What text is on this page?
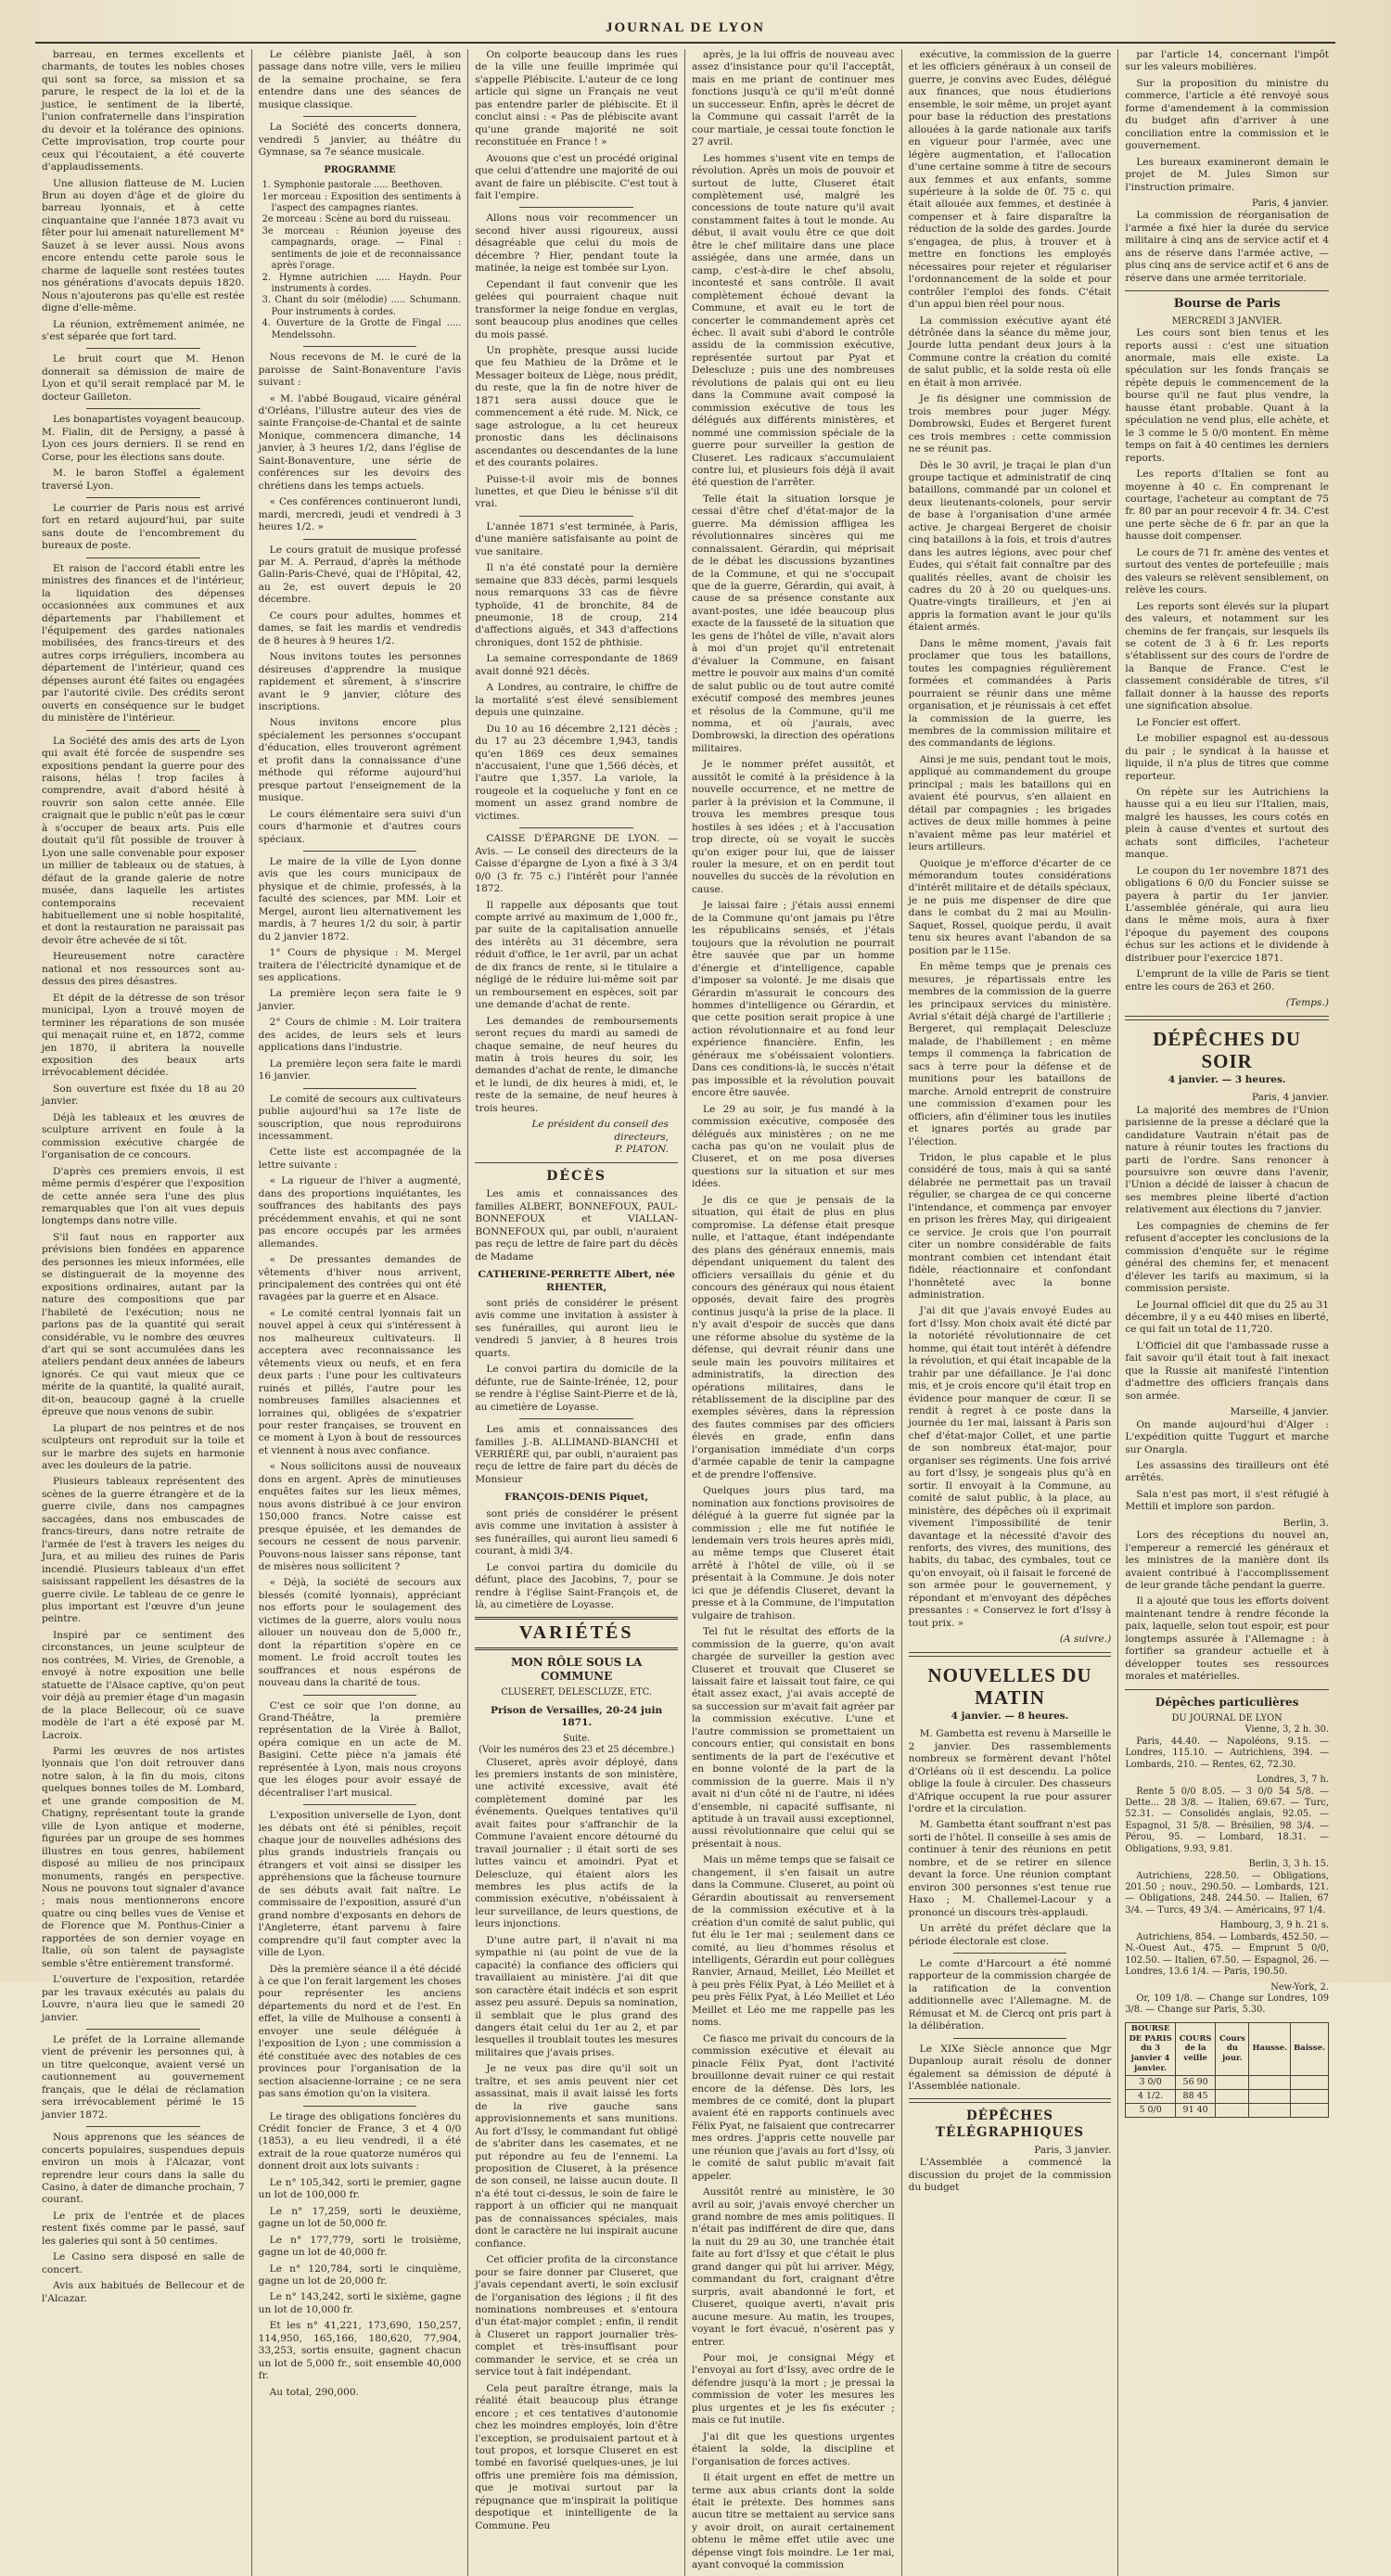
JOURNAL DE LYON

barreau, en termes excellents et charmants, de toutes les nobles choses qui sont sa force, sa mission et sa parure, le respect de la loi et de la justice, le sentiment de la liberté, l'union confraternelle dans l'inspiration du devoir et la tolérance des opinions. Cette improvisation, trop courte pour ceux qui l'écoutaient, a été couverte d'applaudissements.

Une allusion flatteuse de M. Lucien Brun au doyen d'âge et de gloire du barreau lyonnais, et à cette cinquantaine que l'année 1873 avait vu fêter pour lui amenait naturellement M° Sauzet à se lever aussi. Nous avons encore entendu cette parole sous le charme de laquelle sont restées toutes nos générations d'avocats depuis 1820. Nous n'ajouterons pas qu'elle est restée digne d'elle-même.

La réunion, extrêmement animée, ne s'est séparée que fort tard.

Le bruit court que M. Henon donnerait sa démission de maire de Lyon et qu'il serait remplacé par M. le docteur Gailleton.

Les bonapartistes voyagent beaucoup. M. Fialin, dit de Persigny, a passé à Lyon ces jours derniers. Il se rend en Corse, pour les élections sans doute.

M. le baron Stoffel a également traversé Lyon.

Le courrier de Paris nous est arrivé fort en retard aujourd'hui, par suite sans doute de l'encombrement du bureaux de poste.

Et raison de l'accord établi entre les ministres des finances et de l'intérieur, la liquidation des dépenses occasionnées aux communes et aux départements par l'habillement et l'équipement des gardes nationales mobilisées, des francs-tireurs et des autres corps irréguliers, incombera au département de l'intérieur, quand ces dépenses auront été faites ou engagées par l'autorité civile. Des crédits seront ouverts en conséquence sur le budget du ministère de l'intérieur.

La Société des amis des arts de Lyon qui avait été forcée de suspendre ses expositions pendant la guerre pour des raisons, hélas ! trop faciles à comprendre, avait d'abord hésité à rouvrir son salon cette année. Elle craignait que le public n'eût pas le cœur à s'occuper de beaux arts. Puis elle doutait qu'il fût possible de trouver à Lyon une salle convenable pour exposer un millier de tableaux ou de statues, à défaut de la grande galerie de notre musée, dans laquelle les artistes contemporains recevaient habituellement une si noble hospitalité, et dont la restauration ne paraissait pas devoir être achevée de si tôt.

Heureusement notre caractère national et nos ressources sont au-dessus des pires désastres.

Et dépit de la détresse de son trésor municipal, Lyon a trouvé moyen de terminer les réparations de son musée qui menaçait ruine et, en 1872, comme jen 1870, il abritera la nouvelle exposition des beaux arts irrévocablement décidée.

Son ouverture est fixée du 18 au 20 janvier.

Déjà les tableaux et les œuvres de sculpture arrivent en foule à la commission exécutive chargée de l'organisation de ce concours.

D'après ces premiers envois, il est même permis d'espérer que l'exposition de cette année sera l'une des plus remarquables que l'on ait vues depuis longtemps dans notre ville.

S'il faut nous en rapporter aux prévisions bien fondées en apparence des personnes les mieux informées, elle se distinguerait de la moyenne des expositions ordinaires, autant par la nature des compositions que par l'habileté de l'exécution; nous ne parlons pas de la quantité qui serait considérable, vu le nombre des œuvres d'art qui se sont accumulées dans les ateliers pendant deux années de labeurs ignorés. Ce qui vaut mieux que ce mérite de la quantité, la qualité aurait, dit-on, beaucoup gagné à la cruelle épreuve que nous venons de subir.

La plupart de nos peintres et de nos sculpteurs ont reproduit sur la toile et sur le marbre des sujets en harmonie avec les douleurs de la patrie.

Plusieurs tableaux représentent des scènes de la guerre étrangère et de la guerre civile, dans nos campagnes saccagées, dans nos embuscades de francs-tireurs, dans notre retraite de l'armée de l'est à travers les neiges du Jura, et au milieu des ruines de Paris incendié. Plusieurs tableaux d'un effet saisissant rappellent les désastres de la guerre civile. Le tableau de ce genre le plus important est l'œuvre d'un jeune peintre.

Inspiré par ce sentiment des circonstances, un jeune sculpteur de nos contrées, M. Viries, de Grenoble, a envoyé à notre exposition une belle statuette de l'Alsace captive, qu'on peut voir déjà au premier étage d'un magasin de la place Bellecour, où ce suave modèle de l'art a été exposé par M. Lacroix.

Parmi les œuvres de nos artistes lyonnais que l'on doit retrouver dans notre salon, à la fin du mois, citons quelques bonnes toiles de M. Lombard, et une grande composition de M. Chatigny, représentant toute la grande ville de Lyon antique et moderne, figurées par un groupe de ses hommes illustres en tous genres, habilement disposé au milieu de nos principaux monuments, rangés en perspective. Nous ne pouvons tout signaler d'avance ; mais nous mentionnerons encore quatre ou cinq belles vues de Venise et de Florence que M. Ponthus-Cinier a rapportées de son dernier voyage en Italie, où son talent de paysagiste semble s'être entièrement transformé.

L'ouverture de l'exposition, retardée par les travaux exécutés au palais du Louvre, n'aura lieu que le samedi 20 janvier.

Le préfet de la Lorraine allemande vient de prévenir les personnes qui, à un titre quelconque, avaient versé un cautionnement au gouvernement français, que le délai de réclamation sera irrévocablement périmé le 15 janvier 1872.

Nous apprenons que les séances de concerts populaires, suspendues depuis environ un mois à l'Alcazar, vont reprendre leur cours dans la salle du Casino, à dater de dimanche prochain, 7 courant.

Le prix de l'entrée et de places restent fixés comme par le passé, sauf les galeries qui sont à 50 centimes.

Le Casino sera disposé en salle de concert.

Avis aux habitués de Bellecour et de l'Alcazar.

Le célèbre pianiste Jaël, à son passage dans notre ville, vers le milieu de la semaine prochaine, se fera entendre dans une des séances de musique classique.

La Société des concerts donnera, vendredi 5 janvier, au théâtre du Gymnase, sa 7e séance musicale.

PROGRAMME
1. Symphonie pastorale ..... Beethoven.
1er morceau : Exposition des sentiments à l'aspect des campagnes riantes.
2e morceau : Scène au bord du ruisseau.
3e morceau : Réunion joyeuse des campagnards, orage. — Final : sentiments de joie et de reconnaissance après l'orage.
2. Hymne autrichien ..... Haydn. Pour instruments à cordes.
3. Chant du soir (mélodie) ..... Schumann. Pour instruments à cordes.
4. Ouverture de la Grotte de Fingal ..... Mendelssohn.

Nous recevons de M. le curé de la paroisse de Saint-Bonaventure l'avis suivant :

« M. l'abbé Bougaud, vicaire général d'Orléans, l'illustre auteur des vies de sainte Françoise-de-Chantal et de sainte Monique, commencera dimanche, 14 janvier, à 3 heures 1/2, dans l'église de Saint-Bonaventure, une série de conférences sur les devoirs des chrétiens dans les temps actuels.

« Ces conférences continueront lundi, mardi, mercredi, jeudi et vendredi à 3 heures 1/2. »

Le cours gratuit de musique professé par M. A. Perraud, d'après la méthode Galin-Paris-Chevé, quai de l'Hôpital, 42, au 2e, est ouvert depuis le 20 décembre.

Ce cours pour adultes, hommes et dames, se fait les mardis et vendredis de 8 heures à 9 heures 1/2.

Nous invitons toutes les personnes désireuses d'apprendre la musique rapidement et sûrement, à s'inscrire avant le 9 janvier, clôture des inscriptions.

Nous invitons encore plus spécialement les personnes s'occupant d'éducation, elles trouveront agrément et profit dans la connaissance d'une méthode qui réforme aujourd'hui presque partout l'enseignement de la musique.

Le cours élémentaire sera suivi d'un cours d'harmonie et d'autres cours spéciaux.

Le maire de la ville de Lyon donne avis que les cours municipaux de physique et de chimie, professés, à la faculté des sciences, par MM. Loir et Mergel, auront lieu alternativement les mardis, à 7 heures 1/2 du soir, à partir du 2 janvier 1872.

1° Cours de physique : M. Mergel traitera de l'électricité dynamique et de ses applications.

La première leçon sera faite le 9 janvier.

2° Cours de chimie : M. Loir traitera des acides, de leurs sels et leurs applications dans l'industrie.

La première leçon sera faite le mardi 16 janvier.

Le comité de secours aux cultivateurs publie aujourd'hui sa 17e liste de souscription, que nous reproduirons incessamment.

Cette liste est accompagnée de la lettre suivante :

« La rigueur de l'hiver a augmenté, dans des proportions inquiétantes, les souffrances des habitants des pays précédemment envahis, et qui ne sont pas encore occupés par les armées allemandes.

« De pressantes demandes de vêtements d'hiver nous arrivent, principalement des contrées qui ont été ravagées par la guerre et en Alsace.

« Le comité central lyonnais fait un nouvel appel à ceux qui s'intéressent à nos malheureux cultivateurs. Il acceptera avec reconnaissance les vêtements vieux ou neufs, et en fera deux parts : l'une pour les cultivateurs ruinés et pillés, l'autre pour les nombreuses familles alsaciennes et lorraines qui, obligées de s'expatrier pour rester françaises, se trouvent en ce moment à Lyon à bout de ressources et viennent à nous avec confiance.

« Nous sollicitons aussi de nouveaux dons en argent. Après de minutieuses enquêtes faites sur les lieux mêmes, nous avons distribué à ce jour environ 150,000 francs. Notre caisse est presque épuisée, et les demandes de secours ne cessent de nous parvenir. Pouvons-nous laisser sans réponse, tant de misères nous sollicitent ?

« Déjà, la société de secours aux blessés (comité lyonnais), appréciant nos efforts pour le soulagement des victimes de la guerre, alors voulu nous allouer un nouveau don de 5,000 fr., dont la répartition s'opère en ce moment. Le froid accroît toutes les souffrances et nous espérons de nouveau dans la charité de tous.

C'est ce soir que l'on donne, au Grand-Théâtre, la première représentation de la Virée à Ballot, opéra comique en un acte de M. Basigini. Cette pièce n'a jamais été représentée à Lyon, mais nous croyons que les éloges pour avoir essayé de décentraliser l'art musical.

L'exposition universelle de Lyon, dont les débats ont été si pénibles, reçoit chaque jour de nouvelles adhésions des plus grands industriels français ou étrangers et voit ainsi se dissiper les appréhensions que la fâcheuse tournure de ses débuts avait fait naître. Le commissaire de l'exposition, assuré d'un grand nombre d'exposants en dehors de l'Angleterre, étant parvenu à faire comprendre qu'il faut compter avec la ville de Lyon.

Dès la première séance il a été décidé à ce que l'on ferait largement les choses pour représenter les anciens départements du nord et de l'est. En effet, la ville de Mulhouse a consenti à envoyer une seule déléguée à l'exposition de Lyon ; une commission a été constituée avec des notables de ces provinces pour l'organisation de la section alsacienne-lorraine ; ce ne sera pas sans émotion qu'on la visitera.

Le tirage des obligations foncières du Crédit foncier de France, 3 et 4 0/0 (1853), a eu lieu vendredi, il a été extrait de la roue quatorze numéros qui donnent droit aux lots suivants :

Le n° 105,342, sorti le premier, gagne un lot de 100,000 fr.

Le n° 17,259, sorti le deuxième, gagne un lot de 50,000 fr.

Le n° 177,779, sorti le troisième, gagne un lot de 40,000 fr.

Le n° 120,784, sorti le cinquième, gagne un lot de 20,000 fr.

Le n° 143,242, sorti le sixième, gagne un lot de 10,000 fr.

Et les n° 41,221, 173,690, 150,257, 114,950, 165,166, 180,620, 77,904, 33,253, sortis ensuite, gagnent chacun un lot de 5,000 fr., soit ensemble 40,000 fr.

Au total, 290,000.

On colporte beaucoup dans les rues de la ville une feuille imprimée qui s'appelle Plébiscite. L'auteur de ce long article qui signe un Français ne veut pas entendre parler de plébiscite. Et il conclut ainsi : « Pas de plébiscite avant qu'une grande majorité ne soit reconstituée en France ! »

Avouons que c'est un procédé original que celui d'attendre une majorité de oui avant de faire un plébiscite. C'est tout à fait l'empire.

Allons nous voir recommencer un second hiver aussi rigoureux, aussi désagréable que celui du mois de décembre ? Hier, pendant toute la matinée, la neige est tombée sur Lyon.

Cependant il faut convenir que les gelées qui pourraient chaque nuit transformer la neige fondue en verglas, sont beaucoup plus anodines que celles du mois passé.

Un prophète, presque aussi lucide que feu Mathieu de la Drôme et le Messager boiteux de Liège, nous prédit, du reste, que la fin de notre hiver de 1871 sera aussi douce que le commencement a été rude. M. Nick, ce sage astrologue, a lu cet heureux pronostic dans les déclinaisons ascendantes ou descendantes de la lune et des courants polaires.

Puisse-t-il avoir mis de bonnes lunettes, et que Dieu le bénisse s'il dit vrai.

L'année 1871 s'est terminée, à Paris, d'une manière satisfaisante au point de vue sanitaire.

Il n'a été constaté pour la dernière semaine que 833 décès, parmi lesquels nous remarquons 33 cas de fièvre typhoïde, 41 de bronchite, 84 de pneumonie, 18 de croup, 214 d'affections aiguës, et 343 d'affections chroniques, dont 152 de phthisie.

La semaine correspondante de 1869 avait donné 921 décès.

A Londres, au contraire, le chiffre de la mortalité s'est élevé sensiblement depuis une quinzaine.

Du 10 au 16 décembre 2,121 décès ; du 17 au 23 décembre 1,943, tandis qu'en 1869 ces deux semaines n'accusaient, l'une que 1,566 décès, et l'autre que 1,357. La variole, la rougeole et la coqueluche y font en ce moment un assez grand nombre de victimes.

CAISSE D'ÉPARGNE DE LYON. — Avis. — Le conseil des directeurs de la Caisse d'épargne de Lyon a fixé à 3 3/4 0/0 (3 fr. 75 c.) l'intérêt pour l'année 1872.

Il rappelle aux déposants que tout compte arrivé au maximum de 1,000 fr., par suite de la capitalisation annuelle des intérêts au 31 décembre, sera réduit d'office, le 1er avril, par un achat de dix francs de rente, si le titulaire a négligé de le réduire lui-même soit par un remboursement en espèces, soit par une demande d'achat de rente.

Les demandes de remboursements seront reçues du mardi au samedi de chaque semaine, de neuf heures du matin à trois heures du soir, les demandes d'achat de rente, le dimanche et le lundi, de dix heures à midi, et, le reste de la semaine, de neuf heures à trois heures.

Le président du conseil des directeurs,
P. PIATON.
DÉCÈS

Les amis et connaissances des familles ALBERT, BONNEFOUX, PAUL-BONNEFOUX et VIALLAN-BONNEFOUX qui, par oubli, n'auraient pas reçu de lettre de faire part du décès de Madame

CATHERINE-PERRETTE Albert, née RHENTER,

sont priés de considérer le présent avis comme une invitation à assister à ses funérailles, qui auront lieu le vendredi 5 janvier, à 8 heures trois quarts.

Le convoi partira du domicile de la défunte, rue de Sainte-Irénée, 12, pour se rendre à l'église Saint-Pierre et de là, au cimetière de Loyasse.

Les amis et connaissances des familles J.-B. ALLIMAND-BIANCHI et VERRIÈRE qui, par oubli, n'auraient pas reçu de lettre de faire part du décès de Monsieur

FRANÇOIS-DENIS Piquet,

sont priés de considérer le présent avis comme une invitation à assister à ses funérailles, qui auront lieu samedi 6 courant, à midi 3/4.

Le convoi partira du domicile du défunt, place des Jacobins, 7, pour se rendre à l'église Saint-François et, de là, au cimetière de Loyasse.

VARIÉTÉS
MON RÔLE SOUS LA COMMUNE
CLUSERET, DELESCLUZE, ETC.
Prison de Versailles, 20-24 juin 1871.
Suite.
(Voir les numéros des 23 et 25 décembre.)

Cluseret, après avoir déployé, dans les premiers instants de son ministère, une activité excessive, avait été complètement dominé par les événements. Quelques tentatives qu'il avait faites pour s'affranchir de la Commune l'avaient encore détourné du travail journalier ; il était sorti de ses luttes vaincu et amoindri. Pyat et Delescluze, qui étaient alors les membres les plus actifs de la commission exécutive, n'obéissaient à leur surveillance, de leurs questions, de leurs injonctions.

D'une autre part, il n'avait ni ma sympathie ni (au point de vue de la capacité) la confiance des officiers qui travaillaient au ministère. J'ai dit que son caractère était indécis et son esprit assez peu assuré. Depuis sa nomination, il semblait que le plus grand des dangers était celui du 1er au 2, et par lesquelles il troublait toutes les mesures militaires que j'avais prises.

Je ne veux pas dire qu'il soit un traître, et ses amis peuvent nier cet assassinat, mais il avait laissé les forts de la rive gauche sans approvisionnements et sans munitions. Au fort d'Issy, le commandant fut obligé de s'abriter dans les casemates, et ne put répondre au feu de l'ennemi. La proposition de Cluseret, à la présence de son conseil, ne laisse aucun doute. Il n'a été tout ci-dessus, le soin de faire le rapport à un officier qui ne manquait pas de connaissances spéciales, mais dont le caractère ne lui inspirait aucune confiance.

Cet officier profita de la circonstance pour se faire donner par Cluseret, que j'avais cependant averti, le soin exclusif de l'organisation des légions ; il fit des nominations nombreuses et s'entoura d'un état-major complet ; enfin, il rendit à Cluseret un rapport journalier très-complet et très-insuffisant pour commander le service, et se créa un service tout à fait indépendant.

Cela peut paraître étrange, mais la réalité était beaucoup plus étrange encore ; et ces tentatives d'autonomie chez les moindres employés, loin d'être l'exception, se produisaient partout et à tout propos, et lorsque Cluseret en est tombé en favorisé quelques-unes, je lui offris une première fois ma démission, que je motivai surtout par la répugnance que m'inspirait la politique despotique et inintelligente de la Commune. Peu

après, je la lui offris de nouveau avec assez d'insistance pour qu'il l'acceptât, mais en me priant de continuer mes fonctions jusqu'à ce qu'il m'eût donné un successeur. Enfin, après le décret de la Commune qui cassait l'arrêt de la cour martiale, je cessai toute fonction le 27 avril.

Les hommes s'usent vite en temps de révolution. Après un mois de pouvoir et surtout de lutte, Cluseret était complètement usé, malgré les concessions de toute nature qu'il avait constamment faites à tout le monde. Au début, il avait voulu être ce que doit être le chef militaire dans une place assiégée, dans une armée, dans un camp, c'est-à-dire le chef absolu, incontesté et sans contrôle. Il avait complètement échoué devant la Commune, et avait eu le tort de concerter le commandement après cet échec. Il avait subi d'abord le contrôle assidu de la commission exécutive, représentée surtout par Pyat et Delescluze ; puis une des nombreuses révolutions de palais qui ont eu lieu dans la Commune avait composé la commission exécutive de tous les délégués aux différents ministères, et nommé une commission spéciale de la guerre pour surveiller la gestion de Cluseret. Les radicaux s'accumulaient contre lui, et plusieurs fois déjà il avait été question de l'arrêter.

Telle était la situation lorsque je cessai d'être chef d'état-major de la guerre. Ma démission affligea les révolutionnaires sincères qui me connaissaient. Gérardin, qui méprisait de le débat les discussions byzantines de la Commune, et qui ne s'occupait que de la guerre, Gérardin, qui avait, à cause de sa présence constante aux avant-postes, une idée beaucoup plus exacte de la fausseté de la situation que les gens de l'hôtel de ville, n'avait alors à moi d'un projet qu'il entretenait d'évaluer la Commune, en faisant mettre le pouvoir aux mains d'un comité de salut public ou de tout autre comité exécutif composé des membres jeunes et résolus de la Commune, qu'il me nomma, et où j'aurais, avec Dombrowski, la direction des opérations militaires.

Je le nommer préfet aussitôt, et aussitôt le comité à la présidence à la nouvelle occurrence, et ne mettre de parler à la prévision et la Commune, il trouva les membres presque tous hostiles à ses idées ; et à l'accusation trop directe, où se voyait le succès qu'on exiger pour lui, que de laisser rouler la mesure, et on en perdit tout nouvelles du succès de la révolution en cause.

Je laissai faire ; j'étais aussi ennemi de la Commune qu'ont jamais pu l'être les républicains sensés, et j'étais toujours que la révolution ne pourrait être sauvée que par un homme d'énergie et d'intelligence, capable d'imposer sa volonté. Je me disais que Gérardin m'assurait le concours des hommes d'intelligence ou Gérardin, et que cette position serait propice à une action révolutionnaire et au fond leur expérience financière. Enfin, les généraux me s'obéissaient volontiers. Dans ces conditions-là, le succès n'était pas impossible et la révolution pouvait encore être sauvée.

Le 29 au soir, je fus mandé à la commission exécutive, composée des délégués aux ministères ; on ne me cacha pas qu'on ne voulait plus de Cluseret, et on me posa diverses questions sur la situation et sur mes idées.

Je dis ce que je pensais de la situation, qui était de plus en plus compromise. La défense était presque nulle, et l'attaque, étant indépendante des plans des généraux ennemis, mais dépendant uniquement du talent des officiers versaillais du génie et du concours des généraux qui nous étaient opposés, devait faire des progrès continus jusqu'à la prise de la place. Il n'y avait d'espoir de succès que dans une réforme absolue du système de la défense, qui devrait réunir dans une seule main les pouvoirs militaires et administratifs, la direction des opérations militaires, dans le rétablissement de la discipline par des exemples sévères, dans la répression des fautes commises par des officiers élevés en grade, enfin dans l'organisation immédiate d'un corps d'armée capable de tenir la campagne et de prendre l'offensive.

Quelques jours plus tard, ma nomination aux fonctions provisoires de délégué à la guerre fut signée par la commission ; elle me fut notifiée le lendemain vers trois heures après midi, au même temps que Cluseret était arrêté à l'hôtel de ville, où il se présentait à la Commune. Je dois noter ici que je défendis Cluseret, devant la presse et à la Commune, de l'imputation vulgaire de trahison.

Tel fut le résultat des efforts de la commission de la guerre, qu'on avait chargée de surveiller la gestion avec Cluseret et trouvait que Cluseret se laissait faire et laissait tout faire, ce qui était assez exact, j'ai avais accepté de sa succession sur m'avait fait agréer par la commission exécutive. L'une et l'autre commission se promettaient un concours entier, qui consistait en bons sentiments de la part de l'exécutive et en bonne volonté de la part de la commission de la guerre. Mais il n'y avait ni d'un côté ni de l'autre, ni idées d'ensemble, ni capacité suffisante, ni aptitude à un travail aussi exceptionnel, aussi révolutionnaire que celui qui se présentait à nous.

Mais un même temps que se faisait ce changement, il s'en faisait un autre dans la Commune. Cluseret, au point où Gérardin aboutissait au renversement de la commission exécutive et à la création d'un comité de salut public, qui fut élu le 1er mai ; seulement dans ce comité, au lieu d'hommes résolus et intelligents, Gérardin eut pour collègues Ranvier, Arnaud, Meillet, Léo Meillet et à peu près Félix Pyat, à Léo Meillet et à peu près Félix Pyat, à Léo Meillet et Léo Meillet et Léo me me rappelle pas les noms.

Ce fiasco me privait du concours de la commission exécutive et élevait au pinacle Félix Pyat, dont l'activité brouillonne devait ruiner ce qui restait encore de la défense. Dès lors, les membres de ce comité, dont la plupart avaient été en rapports continuels avec Félix Pyat, ne faisaient que contrecarrer mes ordres. J'appris cette nouvelle par une réunion que j'avais au fort d'Issy, où le comité de salut public m'avait fait appeler.

Aussitôt rentré au ministère, le 30 avril au soir, j'avais envoyé chercher un grand nombre de mes amis politiques. Il n'était pas indifférent de dire que, dans la nuit du 29 au 30, une tranchée était faite au fort d'Issy et que c'était le plus grand danger qui pût lui arriver. Mégy, commandant du fort, craignant d'être surpris, avait abandonné le fort, et Cluseret, quoique averti, n'avait pris aucune mesure. Au matin, les troupes, voyant le fort évacué, n'osèrent pas y entrer.

Pour moi, je consignai Mégy et l'envoyai au fort d'Issy, avec ordre de le défendre jusqu'à la mort ; je pressai la commission de voter les mesures les plus urgentes et je les fis exécuter ; mais ce fut inutile.

J'ai dit que les questions urgentes étaient la solde, la discipline et l'organisation de forces actives.

Il était urgent en effet de mettre un terme aux abus criants dont la solde était le prétexte. Des hommes sans aucun titre se mettaient au service sans y avoir droit, on aurait certainement obtenu le même effet utile avec une dépense vingt fois moindre. Le 1er mai, ayant convoqué la commission

exécutive, la commission de la guerre et les officiers généraux à un conseil de guerre, je convins avec Eudes, délégué aux finances, que nous étudierions ensemble, le soir même, un projet ayant pour base la réduction des prestations allouées à la garde nationale aux tarifs en vigueur pour l'armée, avec une légère augmentation, et l'allocation d'une certaine somme à titre de secours aux femmes et aux enfants, somme supérieure à la solde de 0f. 75 c. qui était allouée aux femmes, et destinée à compenser et à faire disparaître la réduction de la solde des gardes. Jourde s'engagea, de plus, à trouver et à mettre en fonctions les employés nécessaires pour rejeter et régulariser l'ordonnancement de la solde et pour contrôler l'emploi des fonds. C'était d'un appui bien réel pour nous.

La commission exécutive ayant été détrônée dans la séance du même jour, Jourde lutta pendant deux jours à la Commune contre la création du comité de salut public, et la solde resta où elle en était à mon arrivée.

Je fis désigner une commission de trois membres pour juger Mégy. Dombrowski, Eudes et Bergeret furent ces trois membres : cette commission ne se réunit pas.

Dès le 30 avril, je traçai le plan d'un groupe tactique et administratif de cinq bataillons, commandé par un colonel et deux lieutenants-colonels, pour servir de base à l'organisation d'une armée active. Je chargeai Bergeret de choisir cinq bataillons à la fois, et trois d'autres dans les autres légions, avec pour chef Eudes, qui s'était fait connaître par des qualités réelles, avant de choisir les cadres du 20 à 20 ou quelques-uns. Quatre-vingts tirailleurs, et j'en ai appris la formation avant le jour qu'ils étaient armés.

Dans le même moment, j'avais fait proclamer que tous les bataillons, toutes les compagnies régulièrement formées et commandées à Paris pourraient se réunir dans une même organisation, et je réunissais à cet effet la commission de la guerre, les membres de la commission militaire et des commandants de légions.

Ainsi je me suis, pendant tout le mois, appliqué au commandement du groupe principal ; mais les bataillons qui en avaient été pourvus, s'en allaient en détail par compagnies ; les brigades actives de deux mille hommes à peine n'avaient même pas leur matériel et leurs artilleurs.

Quoique je m'efforce d'écarter de ce mémorandum toutes considérations d'intérêt militaire et de détails spéciaux, je ne puis me dispenser de dire que dans le combat du 2 mai au Moulin-Saquet, Rossel, quoique perdu, il avait tenu six heures avant l'abandon de sa position par le 115e.

En même temps que je prenais ces mesures, je répartissais entre les membres de la commission de la guerre les principaux services du ministère. Avrial s'était déjà chargé de l'artillerie ; Bergeret, qui remplaçait Delescluze malade, de l'habillement ; en même temps il commença la fabrication de sacs à terre pour la défense et de munitions pour les bataillons de marche. Arnold entreprit de construire une commission d'examen pour les officiers, afin d'éliminer tous les inutiles et ignares portés au grade par l'élection.

Tridon, le plus capable et le plus considéré de tous, mais à qui sa santé délabrée ne permettait pas un travail régulier, se chargea de ce qui concerne l'intendance, et commença par envoyer en prison les frères May, qui dirigeaient ce service. Je crois que l'on pourrait citer un nombre considérable de faits montrant combien cet intendant était fidèle, réactionnaire et confondant l'honnêteté avec la bonne administration.

J'ai dit que j'avais envoyé Eudes au fort d'Issy. Mon choix avait été dicté par la notoriété révolutionnaire de cet homme, qui était tout intérêt à défendre la révolution, et qui était incapable de la trahir par une défaillance. Je l'ai donc mis, et je crois encore qu'il était trop en évidence pour manquer de cœur. Il se rendit à regret à ce poste dans la journée du 1er mai, laissant à Paris son chef d'état-major Collet, et une partie de son nombreux état-major, pour organiser ses régiments. Une fois arrivé au fort d'Issy, je songeais plus qu'à en sortir. Il envoyait à la Commune, au comité de salut public, à la place, au ministère, des dépêches où il exprimait vivement l'impossibilité de tenir davantage et la nécessité d'avoir des renforts, des vivres, des munitions, des habits, du tabac, des cymbales, tout ce qu'on envoyait, où il faisait le forcené de son armée pour le gouvernement, y répondant et m'envoyant des dépêches pressantes : « Conservez le fort d'Issy à tout prix. »

(A suivre.)
NOUVELLES DU MATIN
4 janvier. — 8 heures.

M. Gambetta est revenu à Marseille le 2 janvier. Des rassemblements nombreux se formèrent devant l'hôtel d'Orléans où il est descendu. La police oblige la foule à circuler. Des chasseurs d'Afrique occupent la rue pour assurer l'ordre et la circulation.

M. Gambetta étant souffrant n'est pas sorti de l'hôtel. Il conseille à ses amis de continuer à tenir des réunions en petit nombre, et de se retirer en silence devant la force. Une réunion comptant environ 300 personnes s'est tenue rue Haxo ; M. Challemel-Lacour y a prononcé un discours très-applaudi.

Un arrêté du préfet déclare que la période électorale est close.

Le comte d'Harcourt a été nommé rapporteur de la commission chargée de la ratification de la convention additionnelle avec l'Allemagne. M. de Rémusat et M. de Clercq ont pris part à la délibération.

Le XIXe Siècle annonce que Mgr Dupanloup aurait résolu de donner également sa démission de député à l'Assemblée nationale.

DÉPÊCHES TÉLÉGRAPHIQUES
Paris, 3 janvier.

L'Assemblée a commencé la discussion du projet de la commission du budget

par l'article 14, concernant l'impôt sur les valeurs mobilières.

Sur la proposition du ministre du commerce, l'article a été renvoyé sous forme d'amendement à la commission du budget afin d'arriver à une conciliation entre la commission et le gouvernement.

Les bureaux examineront demain le projet de M. Jules Simon sur l'instruction primaire.

Paris, 4 janvier.

La commission de réorganisation de l'armée a fixé hier la durée du service militaire à cinq ans de service actif et 4 ans de réserve dans l'armée active, — plus cinq ans de service actif et 6 ans de réserve dans une armée territoriale.

Bourse de Paris
MERCREDI 3 JANVIER.

Les cours sont bien tenus et les reports aussi : c'est une situation anormale, mais elle existe. La spéculation sur les fonds français se répète depuis le commencement de la bourse qu'il ne faut plus vendre, la hausse étant probable. Quant à la spéculation ne vend plus, elle achète, et le 3 comme le 5 0/0 montent. En mème temps on fait à 40 centimes les derniers reports.

Les reports d'Italien se font au moyenne à 40 c. En comprenant le courtage, l'acheteur au comptant de 75 fr. 80 par an pour recevoir 4 fr. 34. C'est une perte sèche de 6 fr. par an que la hausse doit compenser.

Le cours de 71 fr. amène des ventes et surtout des ventes de portefeuille ; mais des valeurs se relèvent sensiblement, on relève les cours.

Les reports sont élevés sur la plupart des valeurs, et notamment sur les chemins de fer français, sur lesquels ils se cotent de 3 à 6 fr. Les reports s'établissent sur des cours de l'ordre de la Banque de France. C'est le classement considérable de titres, s'il fallait donner à la hausse des reports une signification absolue.

Le Foncier est offert.

Le mobilier espagnol est au-dessous du pair ; le syndicat à la hausse et liquide, il n'a plus de titres que comme reporteur.

On répète sur les Autrichiens la hausse qui a eu lieu sur l'Italien, mais, malgré les hausses, les cours cotés en plein à cause d'ventes et surtout des achats sont difficiles, l'acheteur manque.

Le coupon du 1er novembre 1871 des obligations 6 0/0 du Foncier suisse se payera à partir du 1er janvier. L'assemblée générale, qui aura lieu dans le même mois, aura à fixer l'époque du payement des coupons échus sur les actions et le dividende à distribuer pour l'exercice 1871.

L'emprunt de la ville de Paris se tient entre les cours de 263 et 260.

(Temps.)
DÉPÊCHES DU SOIR
4 janvier. — 3 heures.
Paris, 4 janvier.

La majorité des membres de l'Union parisienne de la presse a déclaré que la candidature Vautrain n'était pas de nature à réunir toutes les fractions du parti de l'ordre. Sans renoncer à poursuivre son œuvre dans l'avenir, l'Union a décidé de laisser à chacun de ses membres pleine liberté d'action relativement aux élections du 7 janvier.

Les compagnies de chemins de fer refusent d'accepter les conclusions de la commission d'enquête sur le régime général des chemins fer, et menacent d'élever les tarifs au maximum, si la commission persiste.

Le Journal officiel dit que du 25 au 31 décembre, il y a eu 440 mises en liberté, ce qui fait un total de 11,720.

L'Officiel dit que l'ambassade russe a fait savoir qu'il était tout à fait inexact que la Russie ait manifesté l'intention d'admettre des officiers français dans son armée.

Marseille, 4 janvier.

On mande aujourd'hui d'Alger : L'expédition quitte Tuggurt et marche sur Onargla.

Les assassins des tirailleurs ont été arrêtés.

Sala n'est pas mort, il s'est réfugié à Mettili et implore son pardon.

Berlin, 3.

Lors des réceptions du nouvel an, l'empereur a remercié les généraux et les ministres de la manière dont ils avaient contribué à l'accomplissement de leur grande tâche pendant la guerre.

Il a ajouté que tous les efforts doivent maintenant tendre à rendre féconde la paix, laquelle, selon tout espoir, est pour longtemps assurée à l'Allemagne : à fortifier sa grandeur actuelle et à développer toutes ses ressources morales et matérielles.

Dépêches particulières
DU JOURNAL DE LYON
Vienne, 3, 2 h. 30.

Paris, 44.40. — Napoléons, 9.15. — Londres, 115.10. — Autrichiens, 394. — Lombards, 210. — Rentes, 62, 72.30.

Londres, 3, 7 h.

Rente 5 0/0 8.05. — 3 0/0 54 5/8. — Dette... 28 3/8. — Italien, 69.67. — Turc, 52.31. — Consolidés anglais, 92.05. — Espagnol, 31 5/8. — Brésilien, 98 3/4. — Pérou, 95. — Lombard, 18.31. — Obligations, 9.93, 9.81.

Berlin, 3, 3 h. 15.

Autrichiens, 228.50. — Obligations, 201.50 ; nouv., 290.50. — Lombards, 121. — Obligations, 248. 244.50. — Italien, 67 3/4. — Turcs, 49 3/4. — Américains, 97 1/4.

Hambourg, 3, 9 h. 21 s.

Autrichiens, 854. — Lombards, 452.50. — N.-Ouest Aut., 475. — Emprunt 5 0/0, 102.50. — Italien, 67.50. — Espagnol, 26. — Londres, 13.6 1/4. — Paris, 190.50.

New-York, 2.

Or, 109 1/8. — Change sur Londres, 109 3/8. — Change sur Paris, 5.30.

BOURSE DE PARIS du 3 janvier 4 janvier.	COURS de la veille	Cours du jour.	Hausse.	Baisse.
3 0/0	56 90			
4 1/2.	88 45			
5 0/0	91 40			
